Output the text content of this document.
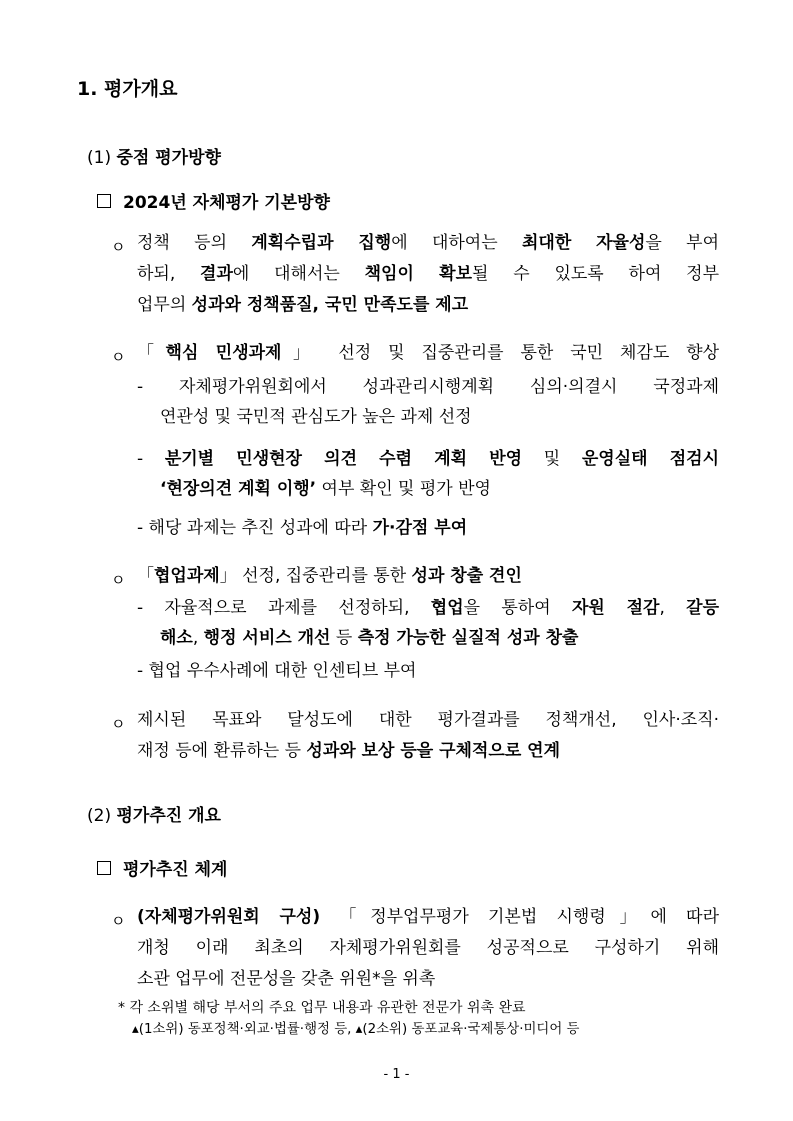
1. 평가개요
(1) 중점 평가방향
2024년 자체평가 기본방향
ㅇ 정책 등의 계획수립과 집행에 대하여는 최대한 자율성을 부여
하되, 결과에 대해서는 책임이 확보될 수 있도록 하여 정부
업무의 성과와 정책품질, 국민 만족도를 제고
ㅇ 「핵심 민생과제」 선정 및 집중관리를 통한 국민 체감도 향상
- 자체평가위원회에서 성과관리시행계획 심의·의결시 국정과제
연관성 및 국민적 관심도가 높은 과제 선정
- 분기별 민생현장 의견 수렴 계획 반영 및 운영실태 점검시
‘현장의견 계획 이행’ 여부 확인 및 평가 반영
- 해당 과제는 추진 성과에 따라 가·감점 부여
ㅇ 「협업과제」 선정, 집중관리를 통한 성과 창출 견인
- 자율적으로 과제를 선정하되, 협업을 통하여 자원 절감, 갈등
해소, 행정 서비스 개선 등 측정 가능한 실질적 성과 창출
- 협업 우수사례에 대한 인센티브 부여
ㅇ 제시된 목표와 달성도에 대한 평가결과를 정책개선, 인사·조직·
재정 등에 환류하는 등 성과와 보상 등을 구체적으로 연계
(2) 평가추진 개요
평가추진 체계
ㅇ (자체평가위원회 구성) 「정부업무평가 기본법 시행령」에 따라
개청 이래 최초의 자체평가위원회를 성공적으로 구성하기 위해
소관 업무에 전문성을 갖춘 위원*을 위촉
* 각 소위별 해당 부서의 주요 업무 내용과 유관한 전문가 위촉 완료
▴(1소위) 동포정책·외교·법률·행정 등, ▴(2소위) 동포교육·국제통상·미디어 등
- 1 -
